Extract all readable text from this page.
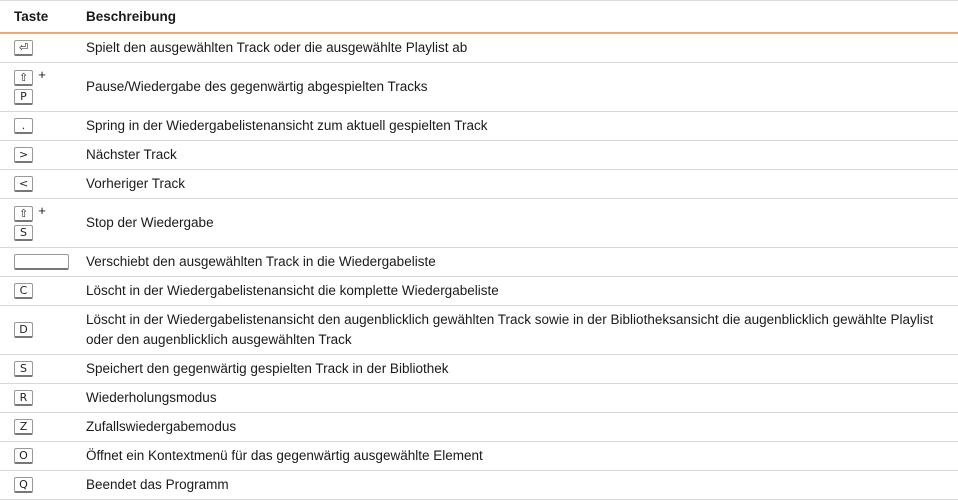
Taste	Beschreibung

⏎	Spielt den ausgewählten Track oder die ausgewählte Playlist ab

⇧ +
P	Pause/Wiedergabe des gegenwärtig abgespielten Tracks

.	Spring in der Wiedergabelistenansicht zum aktuell gespielten Track

>	Nächster Track

<	Vorheriger Track

⇧ +
S	Stop der Wiedergabe

	Verschiebt den ausgewählten Track in die Wiedergabeliste

C	Löscht in der Wiedergabelistenansicht die komplette Wiedergabeliste

D	Löscht in der Wiedergabelistenansicht den augenblicklich gewählten Track sowie in der Bibliotheksansicht die augenblicklich gewählte Playlist oder den augenblicklich ausgewählten Track

S	Speichert den gegenwärtig gespielten Track in der Bibliothek

R	Wiederholungsmodus

Z	Zufallswiedergabemodus

O	Öffnet ein Kontextmenü für das gegenwärtig ausgewählte Element

Q	Beendet das Programm
